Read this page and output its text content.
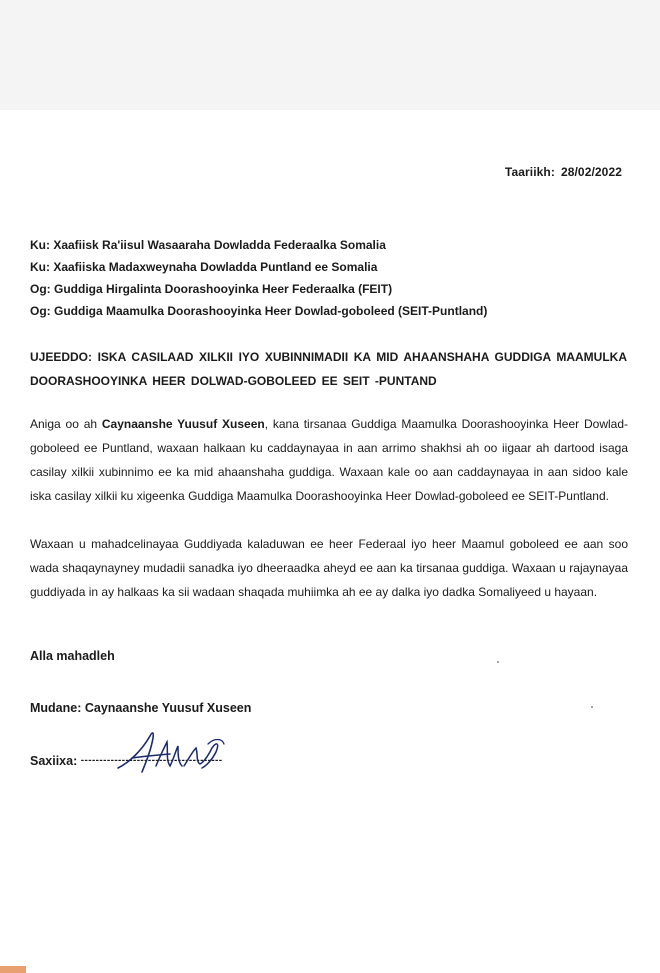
Taariikh: 28/02/2022
Ku: Xaafiisk Ra'iisul Wasaaraha Dowladda Federaalka Somalia
Ku: Xaafiiska Madaxweynaha Dowladda Puntland ee Somalia
Og: Guddiga Hirgalinta Doorashooyinka Heer Federaalka (FEIT)
Og: Guddiga Maamulka Doorashooyinka Heer Dowlad-goboleed (SEIT-Puntland)
UJEEDDO: ISKA CASILAAD XILKII IYO XUBINNIMADII KA MID AHAANSHAHA GUDDIGA MAAMULKA DOORASHOOYINKA HEER DOLWAD-GOBOLEED EE SEIT -PUNTAND
Aniga oo ah Caynaanshe Yuusuf Xuseen, kana tirsanaa Guddiga Maamulka Doorashooyinka Heer Dowlad-goboleed ee Puntland, waxaan halkaan ku caddaynayaa in aan arrimo shakhsi ah oo iigaar ah dartood isaga casilay xilkii xubinnimo ee ka mid ahaanshaha guddiga. Waxaan kale oo aan caddaynayaa in aan sidoo kale iska casilay xilkii ku xigeenka Guddiga Maamulka Doorashooyinka Heer Dowlad-goboleed ee SEIT-Puntland.
Waxaan u mahadcelinayaa Guddiyada kaladuwan ee heer Federaal iyo heer Maamul goboleed ee aan soo wada shaqaynayney mudadii sanadka iyo dheeraadka aheyd ee aan ka tirsanaa guddiga. Waxaan u rajaynayaa guddiyada in ay halkaas ka sii wadaan shaqada muhiimka ah ee ay dalka iyo dadka Somaliyeed u hayaan.
Alla mahadleh
Mudane: Caynaanshe Yuusuf Xuseen
Saxiixa: --------------------------------------
